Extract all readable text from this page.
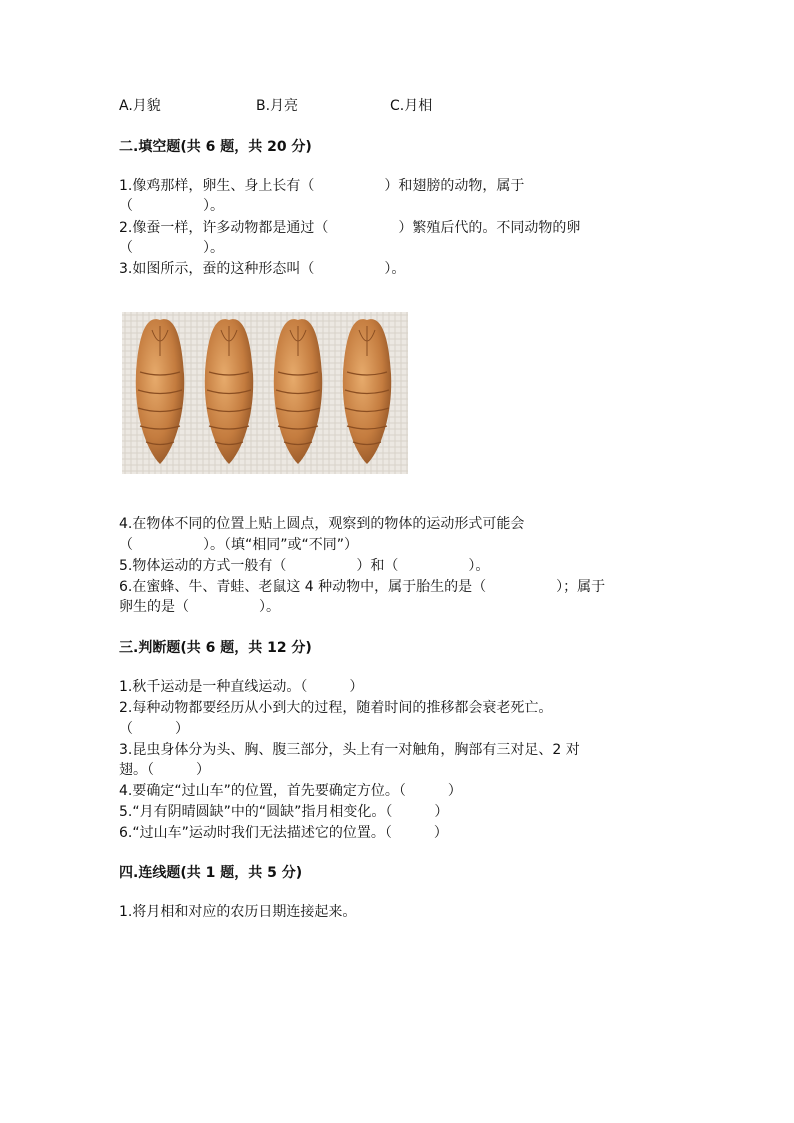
A.月貌

	B.月亮

	C.月相

二.填空题(共 6 题，共 20 分)
1.像鸡那样，卵生、身上长有（　　　　　）和翅膀的动物，属于
（　　　　　）。
2.像蚕一样，许多动物都是通过（　　　　　）繁殖后代的。不同动物的卵
（　　　　　）。
3.如图所示，蚕的这种形态叫（　　　　　）。
4.在物体不同的位置上贴上圆点，观察到的物体的运动形式可能会
（　　　　　）。（填“相同”或“不同”）
5.物体运动的方式一般有（　　　　　）和（　　　　　）。
6.在蜜蜂、牛、青蛙、老鼠这 4 种动物中，属于胎生的是（　　　　　）；属于
卵生的是（　　　　　）。
三.判断题(共 6 题，共 12 分)
1.秋千运动是一种直线运动。（　　　）
2.每种动物都要经历从小到大的过程，随着时间的推移都会衰老死亡。
（　　　）
3.昆虫身体分为头、胸、腹三部分，头上有一对触角，胸部有三对足、2 对
翅。（　　　）
4.要确定“过山车”的位置，首先要确定方位。（　　　）
5.“月有阴晴圆缺”中的“圆缺”指月相变化。（　　　）
6.“过山车”运动时我们无法描述它的位置。（　　　）
四.连线题(共 1 题，共 5 分)
1.将月相和对应的农历日期连接起来。
